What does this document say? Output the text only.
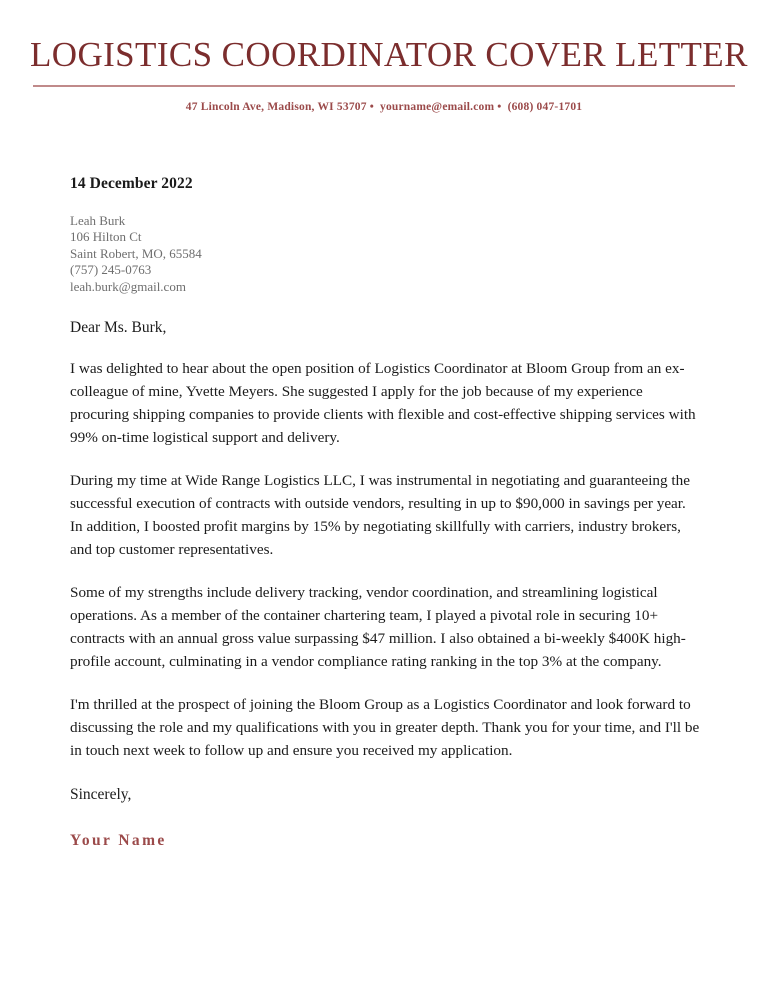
LOGISTICS COORDINATOR COVER LETTER
47 Lincoln Ave, Madison, WI 53707 • yourname@email.com • (608) 047-1701
14 December 2022
Leah Burk
106 Hilton Ct
Saint Robert, MO, 65584
(757) 245-0763
leah.burk@gmail.com
Dear Ms. Burk,

I was delighted to hear about the open position of Logistics Coordinator at Bloom Group from an ex-colleague of mine, Yvette Meyers. She suggested I apply for the job because of my experience procuring shipping companies to provide clients with flexible and cost-effective shipping services with 99% on-time logistical support and delivery.

During my time at Wide Range Logistics LLC, I was instrumental in negotiating and guaranteeing the successful execution of contracts with outside vendors, resulting in up to $90,000 in savings per year. In addition, I boosted profit margins by 15% by negotiating skillfully with carriers, industry brokers, and top customer representatives.

Some of my strengths include delivery tracking, vendor coordination, and streamlining logistical operations. As a member of the container chartering team, I played a pivotal role in securing 10+ contracts with an annual gross value surpassing $47 million. I also obtained a bi-weekly $400K high-profile account, culminating in a vendor compliance rating ranking in the top 3% at the company.

I'm thrilled at the prospect of joining the Bloom Group as a Logistics Coordinator and look forward to discussing the role and my qualifications with you in greater depth. Thank you for your time, and I'll be in touch next week to follow up and ensure you received my application.

Sincerely,
Your Name
